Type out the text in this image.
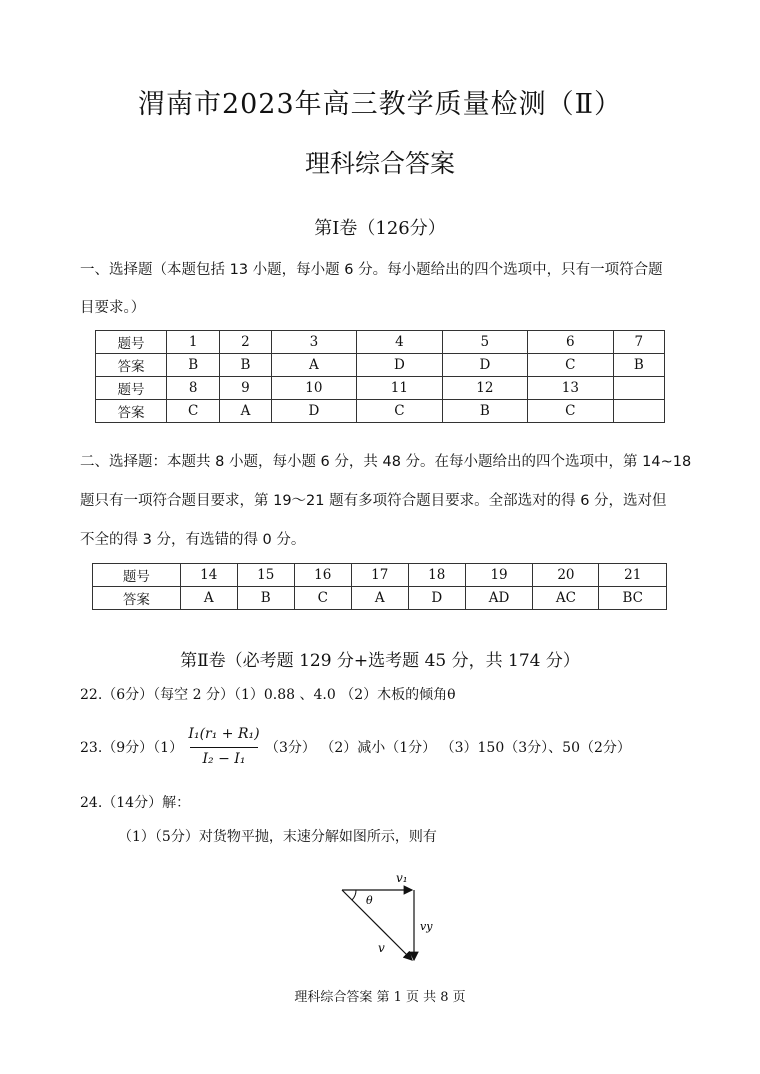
渭南市2023年高三教学质量检测（Ⅱ）
理科综合答案
第Ⅰ卷（126分）
一、选择题（本题包括 13 小题，每小题 6 分。每小题给出的四个选项中，只有一项符合题
目要求。）
题号	1	2	3	4	5	6	7
答案	B	B	A	D	D	C	B
题号	8	9	10	11	12	13	
答案	C	A	D	C	B	C	
二、选择题：本题共 8 小题，每小题 6 分，共 48 分。在每小题给出的四个选项中，第 14~18
题只有一项符合题目要求，第 19～21 题有多项符合题目要求。全部选对的得 6 分，选对但
不全的得 3 分，有选错的得 0 分。
题号	14	15	16	17	18	19	20	21
答案	A	B	C	A	D	AD	AC	BC
第Ⅱ卷（必考题 129 分+选考题 45 分，共 174 分）
22.（6分）（每空 2 分）（1）0.88 、4.0 （2）木板的倾角θ
23.（9分）（1）
I₁(r₁ + R₁)
I₂ − I₁
（3分） （2）减小（1分） （3）150（3分）、50（2分）
24.（14分）解：
（1）（5分）对货物平抛，末速分解如图所示，则有
v₁
θ
vy
v
理科综合答案 第 1 页 共 8 页
